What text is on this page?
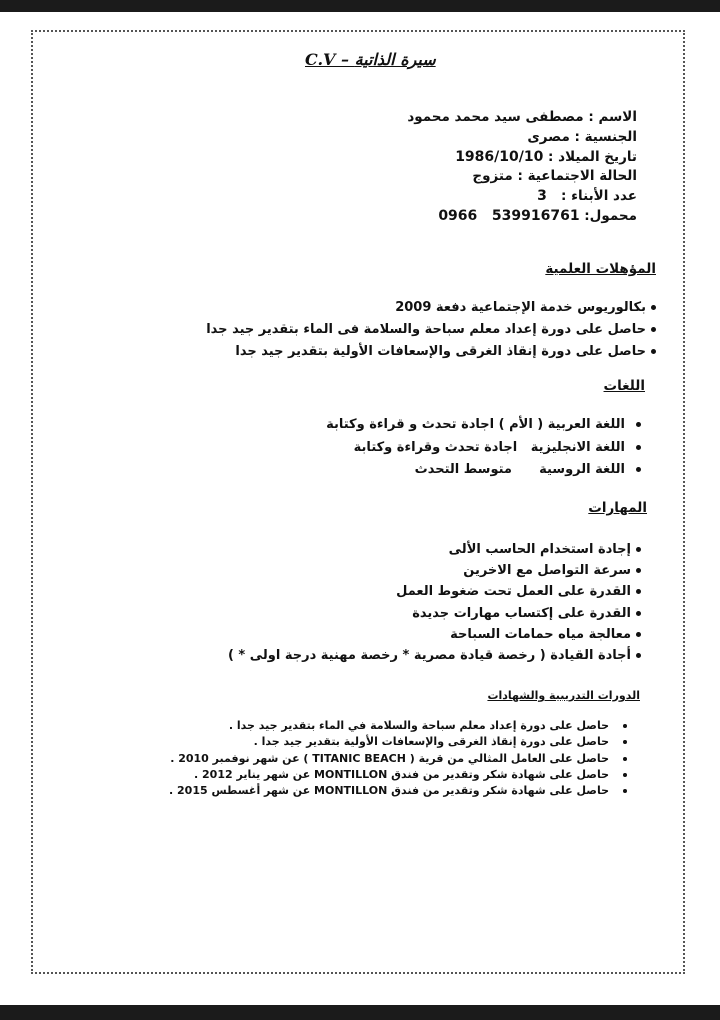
C.V – سيرة الذاتية
الاسم : مصطفى سيد محمد محمود
الجنسية : مصرى
تاريخ الميلاد : 1986/10/10
الحالة الاجتماعية : متزوج
عدد الأبناء :   3
محمول: 0966   539916761
المؤهلات العلمية
بكالوريوس خدمة الإجتماعية دفعة 2009
حاصل على دورة إعداد معلم سباحة والسلامة فى الماء بتقدير جيد جدا
حاصل على دورة إنقاذ الغرقى والإسعافات الأولية بتقدير جيد جدا
اللغات
اللغة العربية ( الأم ) اجادة تحدث و قراءة وكتابة
اللغة الانجليزية   اجادة تحدث وقراءة وكتابة
اللغة الروسية      متوسط التحدث
المهارات
إجادة استخدام الحاسب الألى
سرعة التواصل مع الاخرين
القدرة على العمل تحت ضغوط العمل
القدرة على إكتساب مهارات جديدة
معالجة مياه حمامات السباحة
أجادة القيادة ( رخصة قيادة مصرية * رخصة مهنية درجة اولى * )
الدورات التدريبية والشهادات
حاصل على دورة إعداد معلم سباحة والسلامة في الماء بتقدير جيد جدا .
حاصل على دورة إنقاذ الغرقى والإسعافات الأولية بتقدير جيد جدا .
حاصل على العامل المثالي من قرية ( TITANIC BEACH ) عن شهر نوفمبر 2010 .
حاصل على شهادة شكر وتقدير من فندق MONTILLON عن شهر يناير 2012 .
حاصل على شهادة شكر وتقدير من فندق MONTILLON عن شهر أغسطس 2015 .
